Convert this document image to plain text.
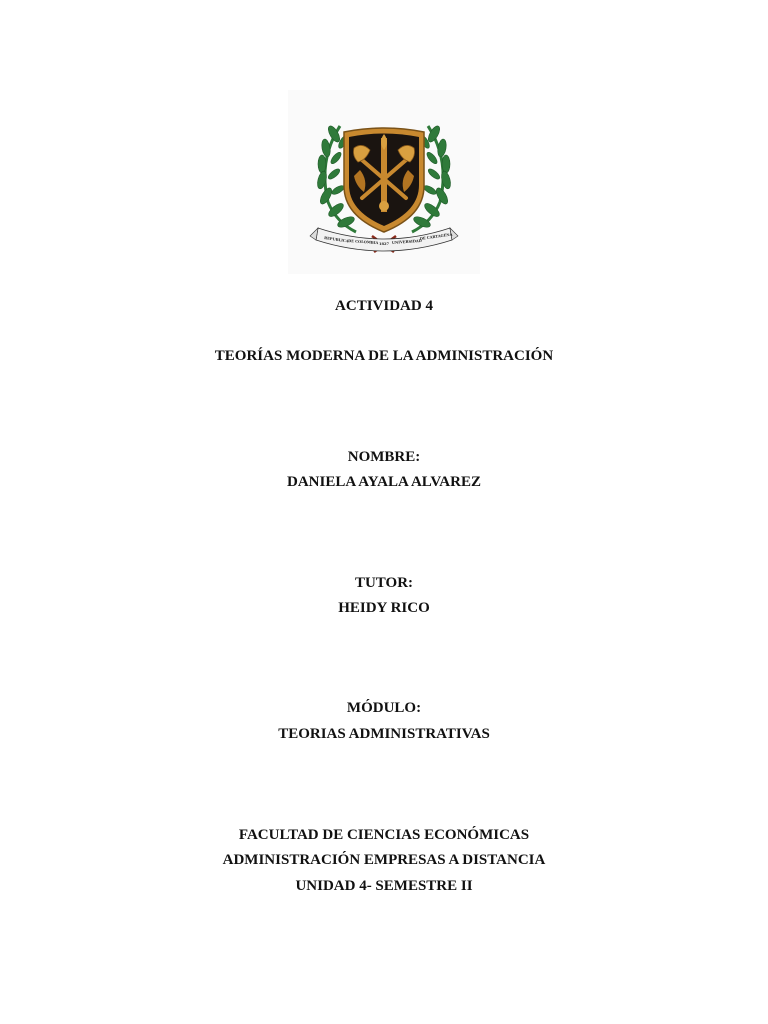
REPUBLICA DE COLOMBIA 1827 UNIVERSIDAD
DE CARTAGENA
ACTIVIDAD 4
TEORÍAS MODERNA DE LA ADMINISTRACIÓN
NOMBRE:
DANIELA AYALA ALVAREZ
TUTOR:
HEIDY RICO
MÓDULO:
TEORIAS ADMINISTRATIVAS
FACULTAD DE CIENCIAS ECONÓMICAS
ADMINISTRACIÓN EMPRESAS A DISTANCIA
UNIDAD 4- SEMESTRE II
